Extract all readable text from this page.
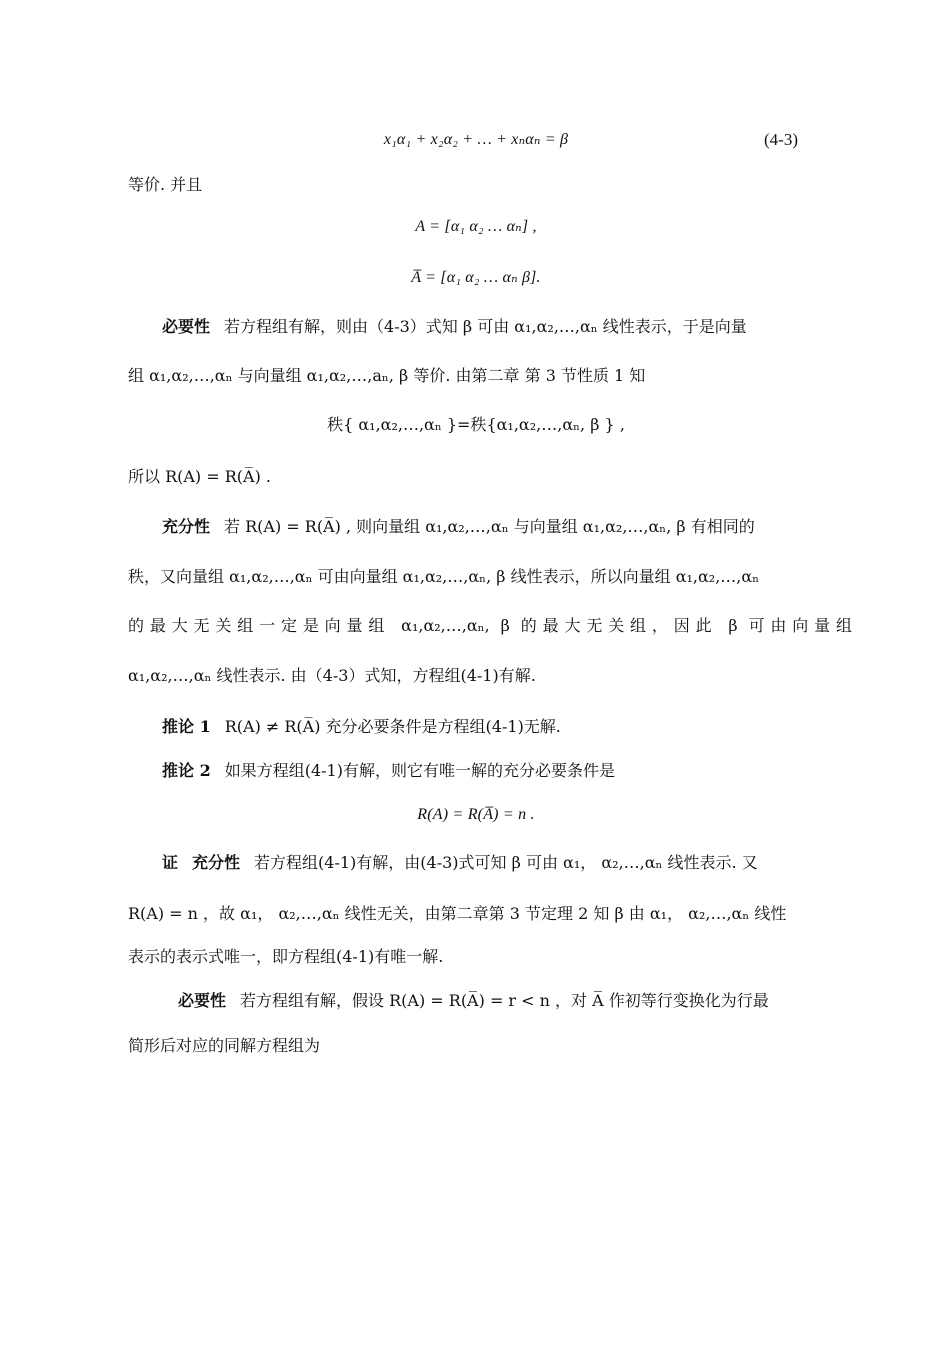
x₁α₁ + x₂α₂ + … + xₙαₙ = β	(4-3)
等价. 并且
A = [α₁ α₂ … αₙ] ,
A̅ = [α₁ α₂ … αₙ β].
必要性 若方程组有解，则由（4-3）式知 β 可由 α₁,α₂,…,αₙ 线性表示，于是向量
组 α₁,α₂,…,αₙ 与向量组 α₁,α₂,…,aₙ, β 等价. 由第二章 第 3 节性质 1 知
秩{ α₁,α₂,…,αₙ }=秩{α₁,α₂,…,αₙ, β } ,
所以 R(A) = R(A̅) .
充分性 若 R(A) = R(A̅) , 则向量组 α₁,α₂,…,αₙ 与向量组 α₁,α₂,…,αₙ, β 有相同的
秩，又向量组 α₁,α₂,…,αₙ 可由向量组 α₁,α₂,…,αₙ, β 线性表示，所以向量组 α₁,α₂,…,αₙ
的最大无关组一定是向量组 α₁,α₂,…,αₙ, β 的最大无关组，因此 β 可由向量组
α₁,α₂,…,αₙ 线性表示. 由（4-3）式知，方程组(4-1)有解.
推论 1 R(A) ≠ R(A̅) 充分必要条件是方程组(4-1)无解.
推论 2 如果方程组(4-1)有解，则它有唯一解的充分必要条件是
R(A) = R(A̅) = n .
证 充分性 若方程组(4-1)有解，由(4-3)式可知 β 可由 α₁， α₂,…,αₙ 线性表示. 又
R(A) = n ，故 α₁， α₂,…,αₙ 线性无关，由第二章第 3 节定理 2 知 β 由 α₁， α₂,…,αₙ 线性
表示的表示式唯一，即方程组(4-1)有唯一解.
必要性 若方程组有解，假设 R(A) = R(A̅) = r < n ，对 A̅ 作初等行变换化为行最
简形后对应的同解方程组为
